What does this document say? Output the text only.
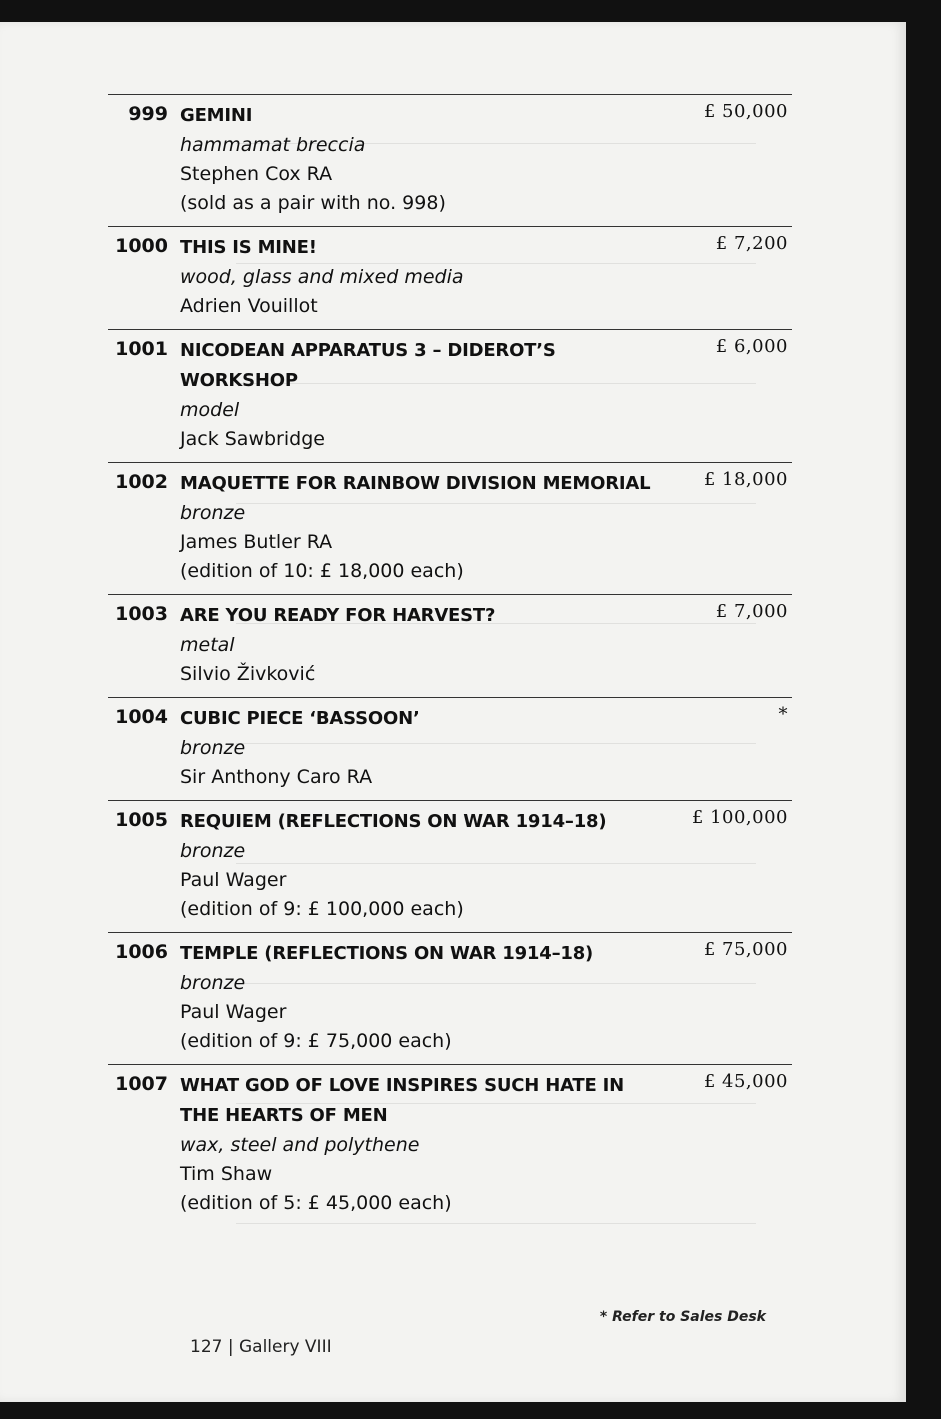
999	£ 50,000
GEMINI
hammamat breccia
Stephen Cox RA
(sold as a pair with no. 998)
1000	£ 7,200
THIS IS MINE!
wood, glass and mixed media
Adrien Vouillot
1001	£ 6,000
NICODEAN APPARATUS 3 – DIDEROT’S WORKSHOP
model
Jack Sawbridge
1002	£ 18,000
MAQUETTE FOR RAINBOW DIVISION MEMORIAL
bronze
James Butler RA
(edition of 10: £ 18,000 each)
1003	£ 7,000
ARE YOU READY FOR HARVEST?
metal
Silvio Živković
1004	*
CUBIC PIECE ‘BASSOON’
bronze
Sir Anthony Caro RA
1005	£ 100,000
REQUIEM (REFLECTIONS ON WAR 1914–18)
bronze
Paul Wager
(edition of 9: £ 100,000 each)
1006	£ 75,000
TEMPLE (REFLECTIONS ON WAR 1914–18)
bronze
Paul Wager
(edition of 9: £ 75,000 each)
1007	£ 45,000
WHAT GOD OF LOVE INSPIRES SUCH HATE IN THE HEARTS OF MEN
wax, steel and polythene
Tim Shaw
(edition of 5: £ 45,000 each)
* Refer to Sales Desk
127 | Gallery VIII
